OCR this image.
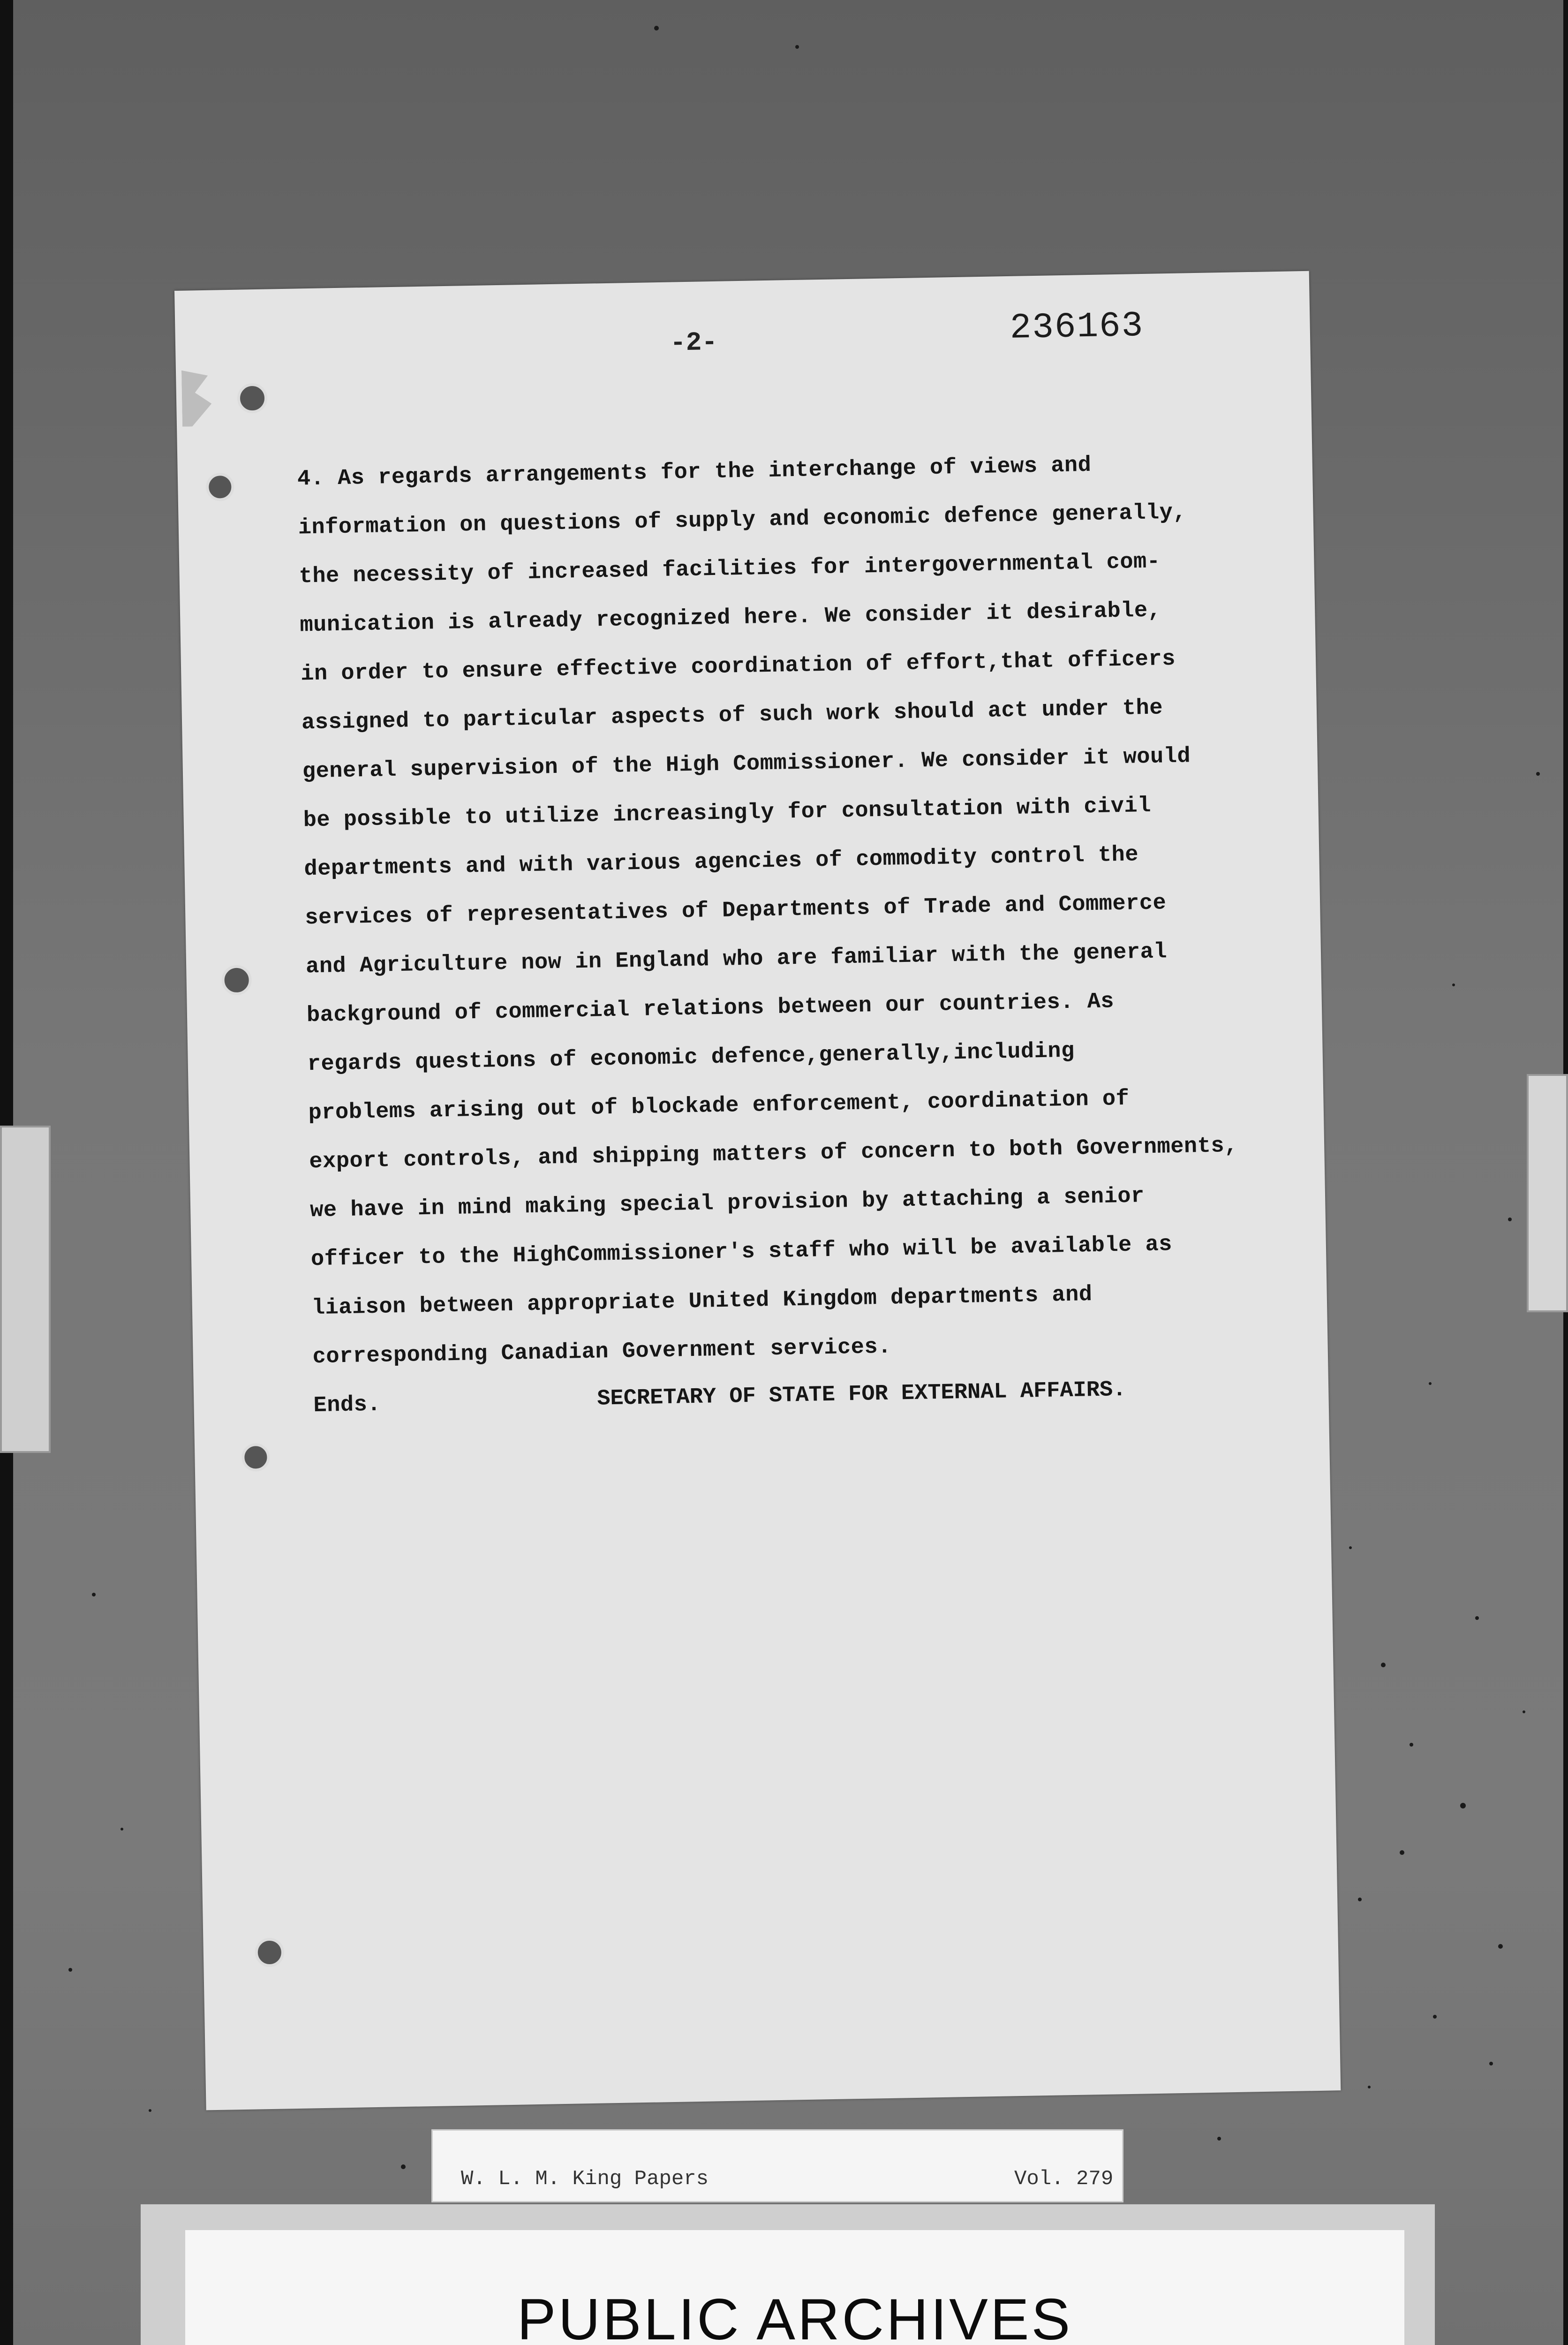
-2-	236163
4. As regards arrangements for the interchange of views and
information on questions of supply and economic defence generally,
the necessity of increased facilities for intergovernmental com-
munication is already recognized here. We consider it desirable,
in order to ensure effective coordination of effort,that officers
assigned to particular aspects of such work should act under the
general supervision of the High Commissioner. We consider it would
be possible to utilize increasingly for consultation with civil
departments and with various agencies of commodity control the
services of representatives of Departments of Trade and Commerce
and Agriculture now in England who are familiar with the general
background of commercial relations between our countries. As
regards questions of economic defence,generally,including
problems arising out of blockade enforcement, coordination of
export controls, and shipping matters of concern to both Governments,
we have in mind making special provision by attaching a senior
officer to the HighCommissioner's staff who will be available as
liaison between appropriate United Kingdom departments and
corresponding Canadian Government services.
Ends.	SECRETARY OF STATE FOR EXTERNAL AFFAIRS.
W. L. M. King Papers	Vol. 279
PUBLIC ARCHIVES
